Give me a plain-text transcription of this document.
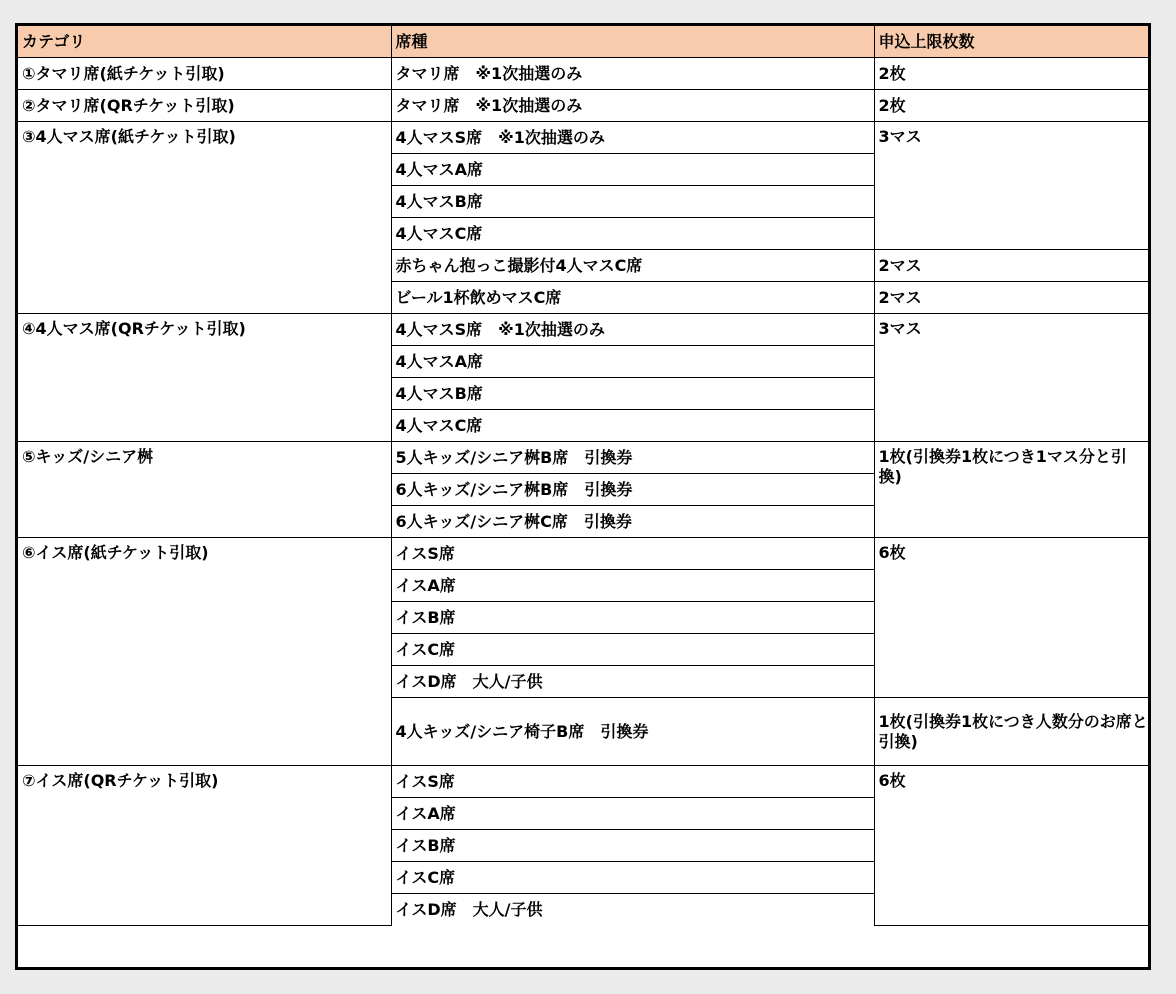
カテゴリ	席種	申込上限枚数
①タマリ席(紙チケット引取)	タマリ席　※1次抽選のみ	2枚
②タマリ席(QRチケット引取)	タマリ席　※1次抽選のみ	2枚
③4人マス席(紙チケット引取)	4人マスS席　※1次抽選のみ	3マス
	4人マスA席	
	4人マスB席	
	4人マスC席	
	赤ちゃん抱っこ撮影付4人マスC席	2マス
	ビール1杯飲めマスC席	2マス
④4人マス席(QRチケット引取)	4人マスS席　※1次抽選のみ	3マス
	4人マスA席	
	4人マスB席	
	4人マスC席	
⑤キッズ/シニア桝	5人キッズ/シニア桝B席　引換券	1枚(引換券1枚につき1マス分と引換)
	6人キッズ/シニア桝B席　引換券	
	6人キッズ/シニア桝C席　引換券	
⑥イス席(紙チケット引取)	イスS席	6枚
	イスA席	
	イスB席	
	イスC席	
	イスD席　大人/子供	
	4人キッズ/シニア椅子B席　引換券	1枚(引換券1枚につき人数分のお席と引換)
⑦イス席(QRチケット引取)	イスS席	6枚
	イスA席	
	イスB席	
	イスC席	
	イスD席　大人/子供	
